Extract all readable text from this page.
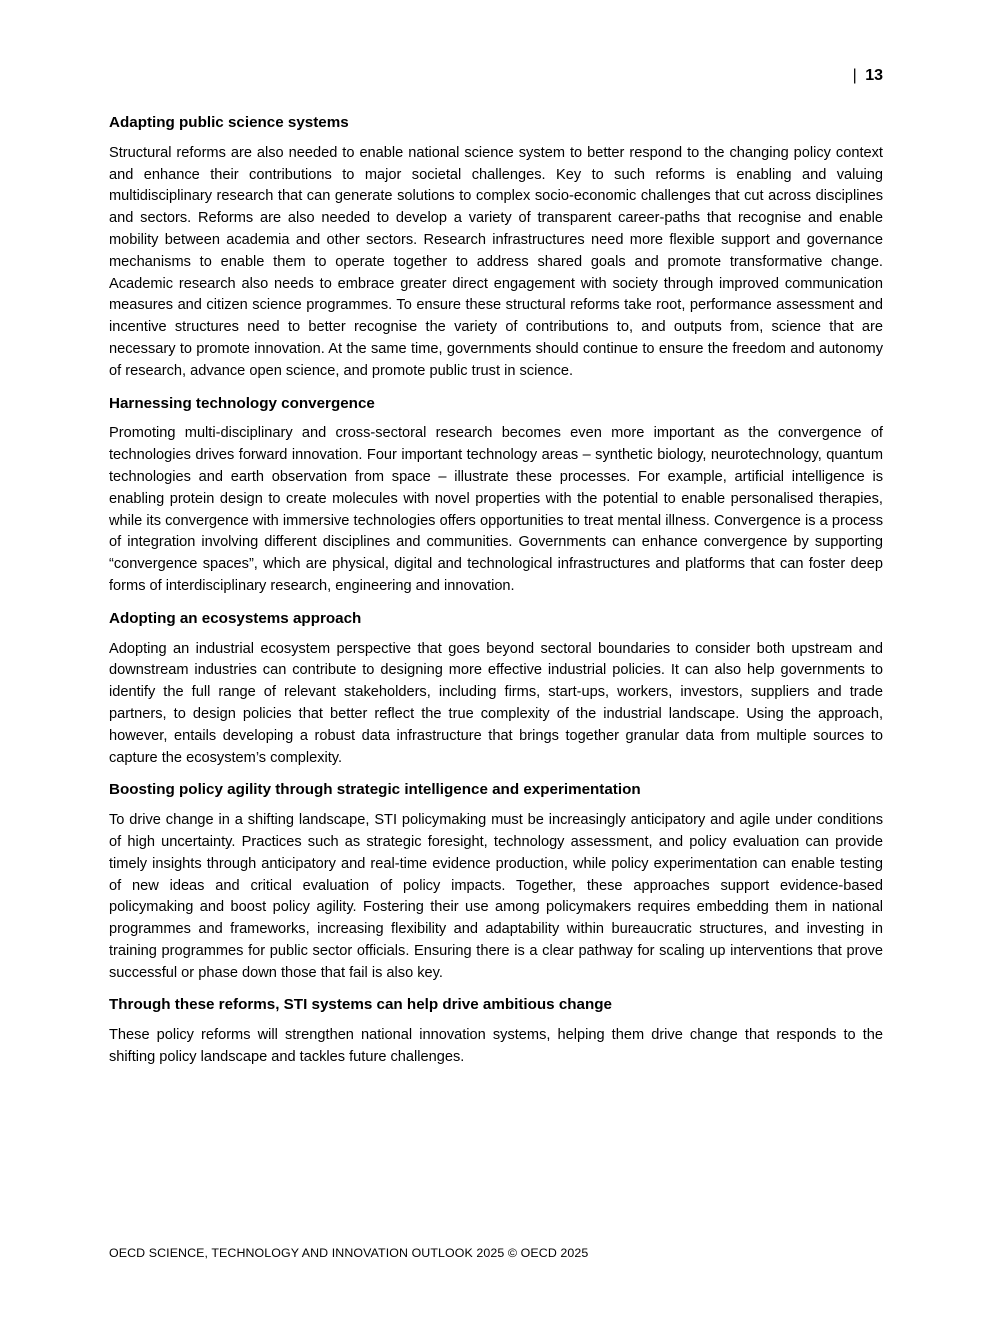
| 13
Adapting public science systems

Structural reforms are also needed to enable national science system to better respond to the changing policy context and enhance their contributions to major societal challenges. Key to such reforms is enabling and valuing multidisciplinary research that can generate solutions to complex socio-economic challenges that cut across disciplines and sectors. Reforms are also needed to develop a variety of transparent career-paths that recognise and enable mobility between academia and other sectors. Research infrastructures need more flexible support and governance mechanisms to enable them to operate together to address shared goals and promote transformative change. Academic research also needs to embrace greater direct engagement with society through improved communication measures and citizen science programmes. To ensure these structural reforms take root, performance assessment and incentive structures need to better recognise the variety of contributions to, and outputs from, science that are necessary to promote innovation. At the same time, governments should continue to ensure the freedom and autonomy of research, advance open science, and promote public trust in science.

Harnessing technology convergence

Promoting multi-disciplinary and cross-sectoral research becomes even more important as the convergence of technologies drives forward innovation. Four important technology areas – synthetic biology, neurotechnology, quantum technologies and earth observation from space – illustrate these processes. For example, artificial intelligence is enabling protein design to create molecules with novel properties with the potential to enable personalised therapies, while its convergence with immersive technologies offers opportunities to treat mental illness. Convergence is a process of integration involving different disciplines and communities. Governments can enhance convergence by supporting “convergence spaces”, which are physical, digital and technological infrastructures and platforms that can foster deep forms of interdisciplinary research, engineering and innovation.

Adopting an ecosystems approach

Adopting an industrial ecosystem perspective that goes beyond sectoral boundaries to consider both upstream and downstream industries can contribute to designing more effective industrial policies. It can also help governments to identify the full range of relevant stakeholders, including firms, start-ups, workers, investors, suppliers and trade partners, to design policies that better reflect the true complexity of the industrial landscape. Using the approach, however, entails developing a robust data infrastructure that brings together granular data from multiple sources to capture the ecosystem’s complexity.

Boosting policy agility through strategic intelligence and experimentation

To drive change in a shifting landscape, STI policymaking must be increasingly anticipatory and agile under conditions of high uncertainty. Practices such as strategic foresight, technology assessment, and policy evaluation can provide timely insights through anticipatory and real-time evidence production, while policy experimentation can enable testing of new ideas and critical evaluation of policy impacts. Together, these approaches support evidence-based policymaking and boost policy agility. Fostering their use among policymakers requires embedding them in national programmes and frameworks, increasing flexibility and adaptability within bureaucratic structures, and investing in training programmes for public sector officials. Ensuring there is a clear pathway for scaling up interventions that prove successful or phase down those that fail is also key.

Through these reforms, STI systems can help drive ambitious change

These policy reforms will strengthen national innovation systems, helping them drive change that responds to the shifting policy landscape and tackles future challenges.

OECD SCIENCE, TECHNOLOGY AND INNOVATION OUTLOOK 2025 © OECD 2025
